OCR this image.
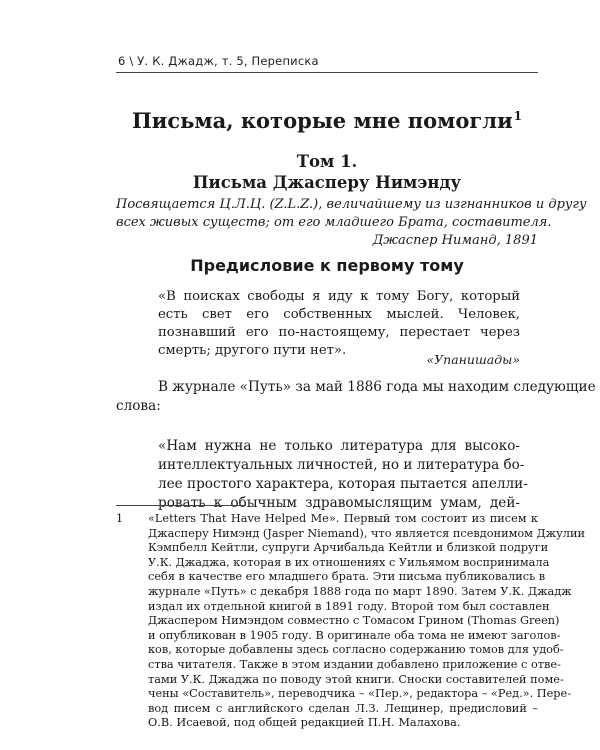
6 \ У. К. Джадж, т. 5, Переписка
Письма, которые мне помогли$^1$
Том 1.
Письма Джасперу Нимэнду
Посвящается Ц.Л.Ц. (Z.L.Z.), величайшему из изгнанников и другу
всех живых существ; от его младшего Брата, составителя.
Джаспер Ниманд, 1891
Предисловие к первому тому
«В поисках свободы я иду к тому Богу, который
есть свет его собственных мыслей. Человек,
познавший его по-настоящему, перестает через
смерть; другого пути нет».
«Упанишады»
В журнале «Путь» за май 1886 года мы находим следующие
слова:
«Нам нужна не только литература для высоко-
интеллектуальных личностей, но и литература бо-
лее простого характера, которая пытается апелли-
ровать к обычным здравомыслящим умам, дей-
1 «Letters That Have Helped Me». Первый том состоит из писем к
Джасперу Нимэнд (Jasper Niemand), что является псевдонимом Джулии
Кэмпбелл Кейтли, супруги Арчибальда Кейтли и близкой подруги
У.К. Джаджа, которая в их отношениях с Уильямом воспринимала
себя в качестве его младшего брата. Эти письма публиковались в
журнале «Путь» с декабря 1888 года по март 1890. Затем У.К. Джадж
издал их отдельной книгой в 1891 году. Второй том был составлен
Джаспером Нимэндом совместно с Томасом Грином (Thomas Green)
и опубликован в 1905 году. В оригинале оба тома не имеют заголов-
ков, которые добавлены здесь согласно содержанию томов для удоб-
ства читателя. Также в этом издании добавлено приложение с отве-
тами У.К. Джаджа по поводу этой книги. Сноски составителей поме-
чены «Составитель», переводчика – «Пер.», редактора – «Ред.». Пере-
вод писем с английского сделан Л.З. Лещинер, предисловий –
О.В. Исаевой, под общей редакцией П.Н. Малахова.
